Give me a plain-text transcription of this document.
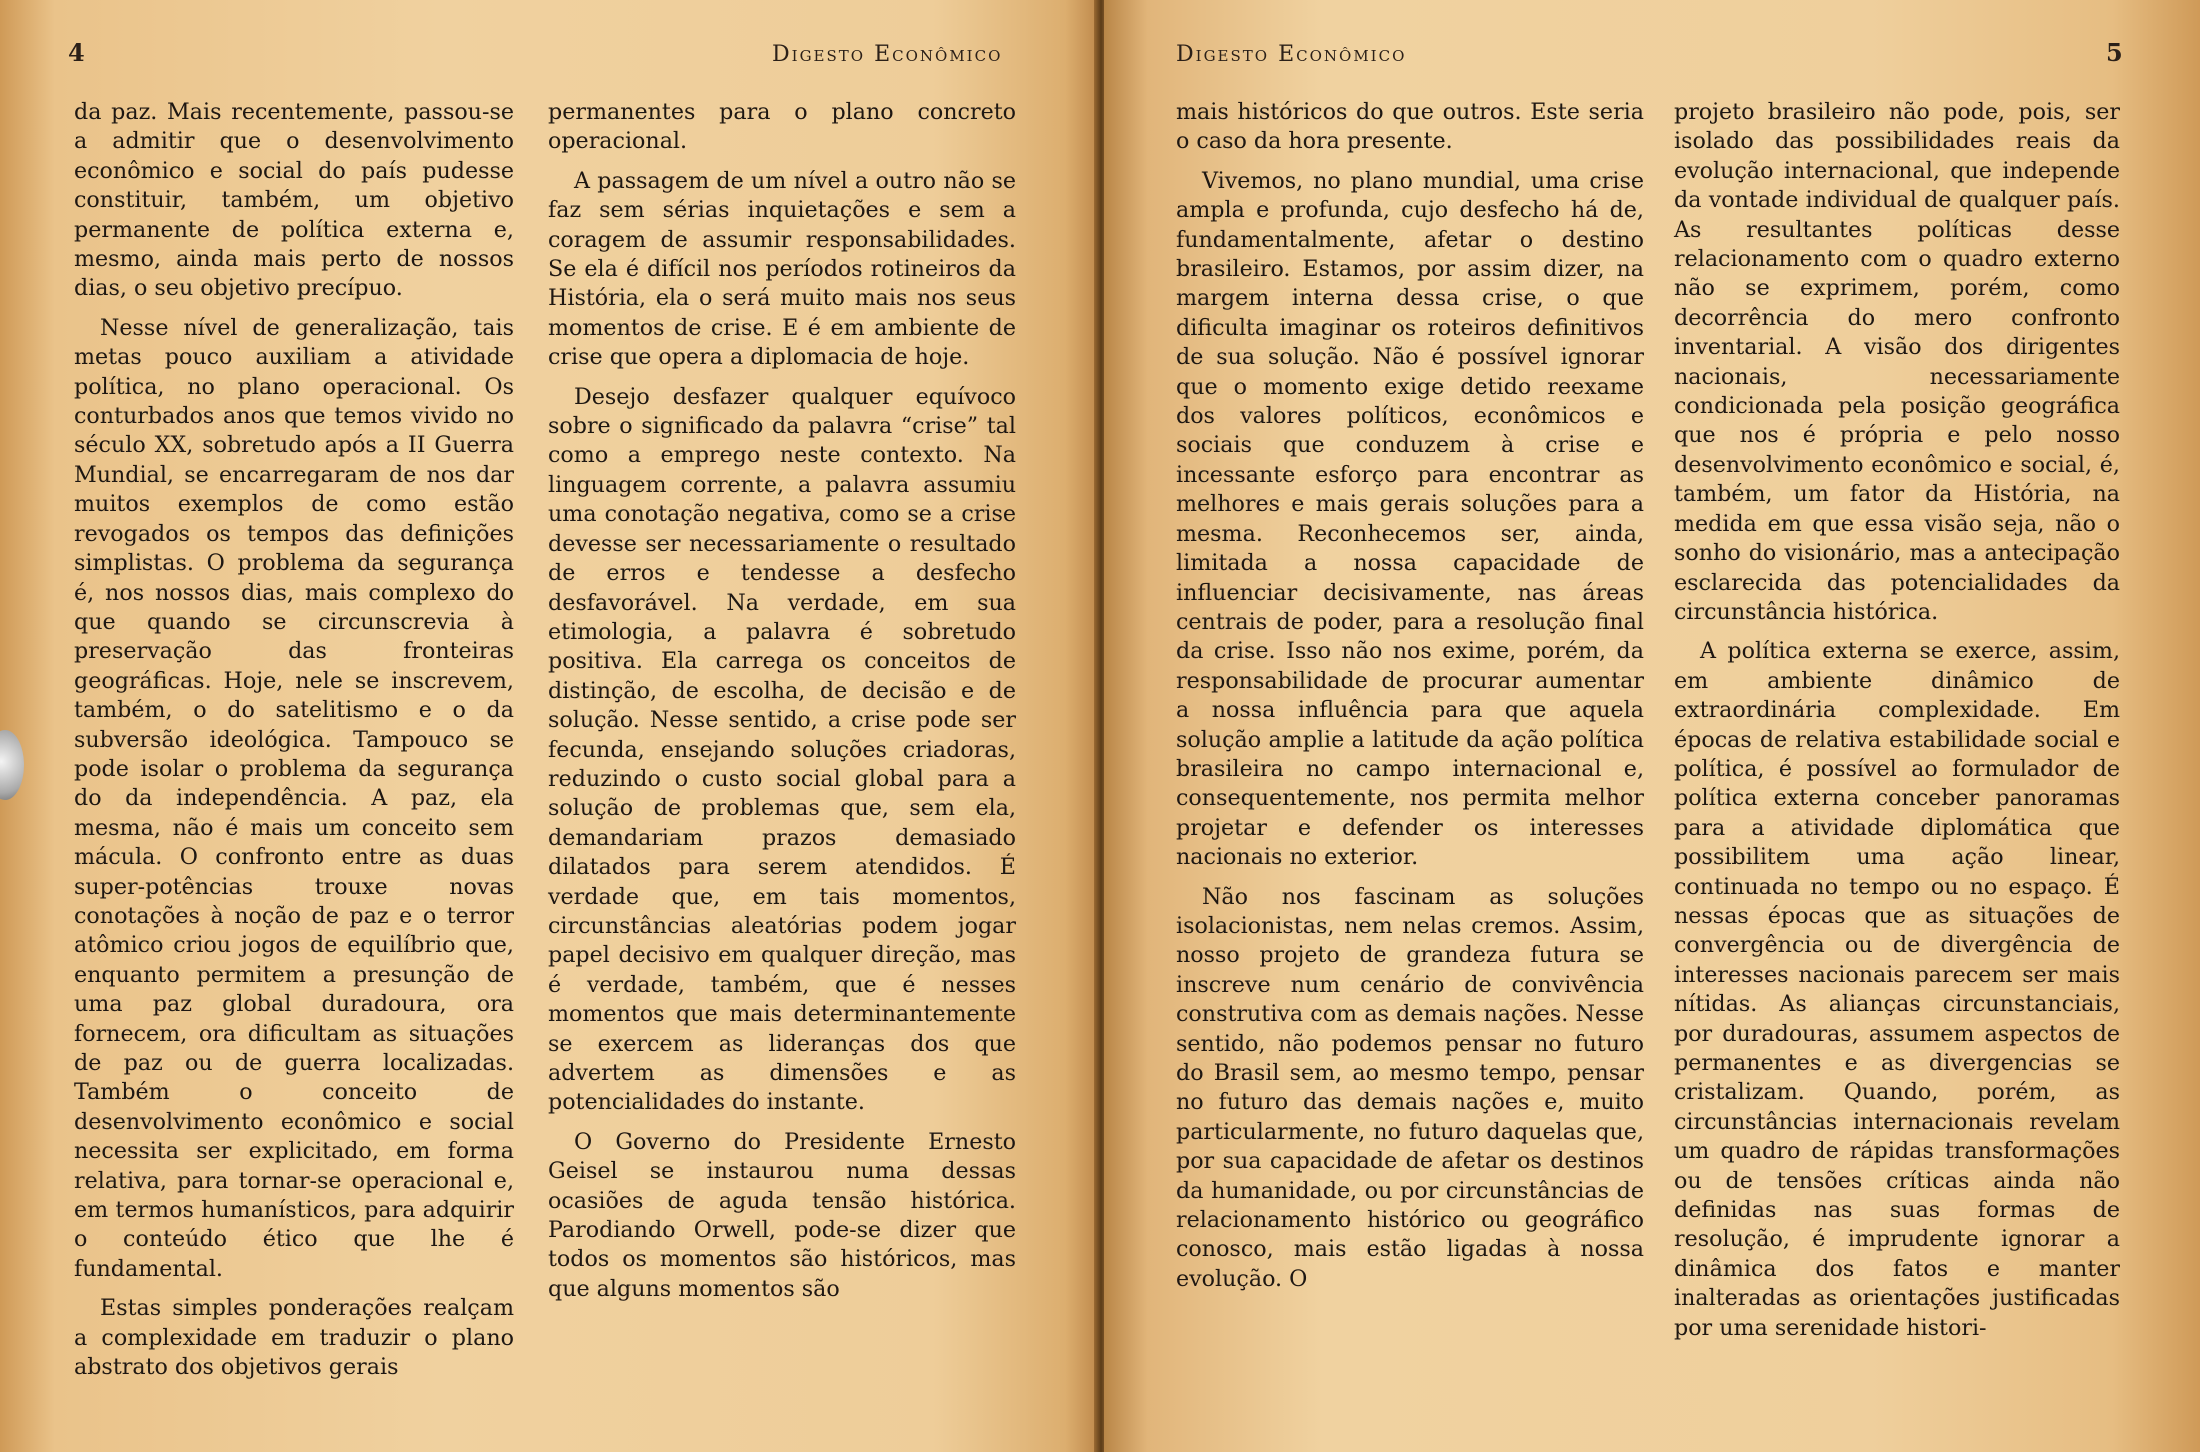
4	Digesto Econômico

da paz. Mais recentemente, passou-se a admitir que o desenvolvimento econômico e social do país pudesse constituir, também, um objetivo permanente de política externa e, mesmo, ainda mais perto de nossos dias, o seu objetivo precípuo.

Nesse nível de generalização, tais metas pouco auxiliam a atividade política, no plano operacional. Os conturbados anos que temos vivido no século XX, sobretudo após a II Guerra Mundial, se encarregaram de nos dar muitos exemplos de como estão revogados os tempos das definições simplistas. O problema da segurança é, nos nossos dias, mais complexo do que quando se circunscrevia à preservação das fronteiras geográficas. Hoje, nele se inscrevem, também, o do satelitismo e o da subversão ideológica. Tampouco se pode isolar o problema da segurança do da independência. A paz, ela mesma, não é mais um conceito sem mácula. O confronto entre as duas super-potências trouxe novas conotações à noção de paz e o terror atômico criou jogos de equilíbrio que, enquanto permitem a presunção de uma paz global duradoura, ora fornecem, ora dificultam as situações de paz ou de guerra localizadas. Também o conceito de desenvolvimento econômico e social necessita ser explicitado, em forma relativa, para tornar-se operacional e, em termos humanísticos, para adquirir o conteúdo ético que lhe é fundamental.

Estas simples ponderações realçam a complexidade em traduzir o plano abstrato dos objetivos gerais

permanentes para o plano concreto operacional.

A passagem de um nível a outro não se faz sem sérias inquietações e sem a coragem de assumir responsabilidades. Se ela é difícil nos períodos rotineiros da História, ela o será muito mais nos seus momentos de crise. E é em ambiente de crise que opera a diplomacia de hoje.

Desejo desfazer qualquer equívoco sobre o significado da palavra “crise” tal como a emprego neste contexto. Na linguagem corrente, a palavra assumiu uma conotação negativa, como se a crise devesse ser necessariamente o resultado de erros e tendesse a desfecho desfavorável. Na verdade, em sua etimologia, a palavra é sobretudo positiva. Ela carrega os conceitos de distinção, de escolha, de decisão e de solução. Nesse sentido, a crise pode ser fecunda, ensejando soluções criadoras, reduzindo o custo social global para a solução de problemas que, sem ela, demandariam prazos demasiado dilatados para serem atendidos. É verdade que, em tais momentos, circunstâncias aleatórias podem jogar papel decisivo em qualquer direção, mas é verdade, também, que é nesses momentos que mais determinantemente se exercem as lideranças dos que advertem as dimensões e as potencialidades do instante.

O Governo do Presidente Ernesto Geisel se instaurou numa dessas ocasiões de aguda tensão histórica. Parodiando Orwell, pode-se dizer que todos os momentos são históricos, mas que alguns momentos são

Digesto Econômico	5

mais históricos do que outros. Este seria o caso da hora presente.

Vivemos, no plano mundial, uma crise ampla e profunda, cujo desfecho há de, fundamentalmente, afetar o destino brasileiro. Estamos, por assim dizer, na margem interna dessa crise, o que dificulta imaginar os roteiros definitivos de sua solução. Não é possível ignorar que o momento exige detido reexame dos valores políticos, econômicos e sociais que conduzem à crise e incessante esforço para encontrar as melhores e mais gerais soluções para a mesma. Reconhecemos ser, ainda, limitada a nossa capacidade de influenciar decisivamente, nas áreas centrais de poder, para a resolução final da crise. Isso não nos exime, porém, da responsabilidade de procurar aumentar a nossa influência para que aquela solução amplie a latitude da ação política brasileira no campo internacional e, consequentemente, nos permita melhor projetar e defender os interesses nacionais no exterior.

Não nos fascinam as soluções isolacionistas, nem nelas cremos. Assim, nosso projeto de grandeza futura se inscreve num cenário de convivência construtiva com as demais nações. Nesse sentido, não podemos pensar no futuro do Brasil sem, ao mesmo tempo, pensar no futuro das demais nações e, muito particularmente, no futuro daquelas que, por sua capacidade de afetar os destinos da humanidade, ou por circunstâncias de relacionamento histórico ou geográfico conosco, mais estão ligadas à nossa evolução. O

projeto brasileiro não pode, pois, ser isolado das possibilidades reais da evolução internacional, que independe da vontade individual de qualquer país. As resultantes políticas desse relacionamento com o quadro externo não se exprimem, porém, como decorrência do mero confronto inventarial. A visão dos dirigentes nacionais, necessariamente condicionada pela posição geográfica que nos é própria e pelo nosso desenvolvimento econômico e social, é, também, um fator da História, na medida em que essa visão seja, não o sonho do visionário, mas a antecipação esclarecida das potencialidades da circunstância histórica.

A política externa se exerce, assim, em ambiente dinâmico de extraordinária complexidade. Em épocas de relativa estabilidade social e política, é possível ao formulador de política externa conceber panoramas para a atividade diplomática que possibilitem uma ação linear, continuada no tempo ou no espaço. É nessas épocas que as situações de convergência ou de divergência de interesses nacionais parecem ser mais nítidas. As alianças circunstanciais, por duradouras, assumem aspectos de permanentes e as divergencias se cristalizam. Quando, porém, as circunstâncias internacionais revelam um quadro de rápidas transformações ou de tensões críticas ainda não definidas nas suas formas de resolução, é imprudente ignorar a dinâmica dos fatos e manter inalteradas as orientações justificadas por uma serenidade histori-
